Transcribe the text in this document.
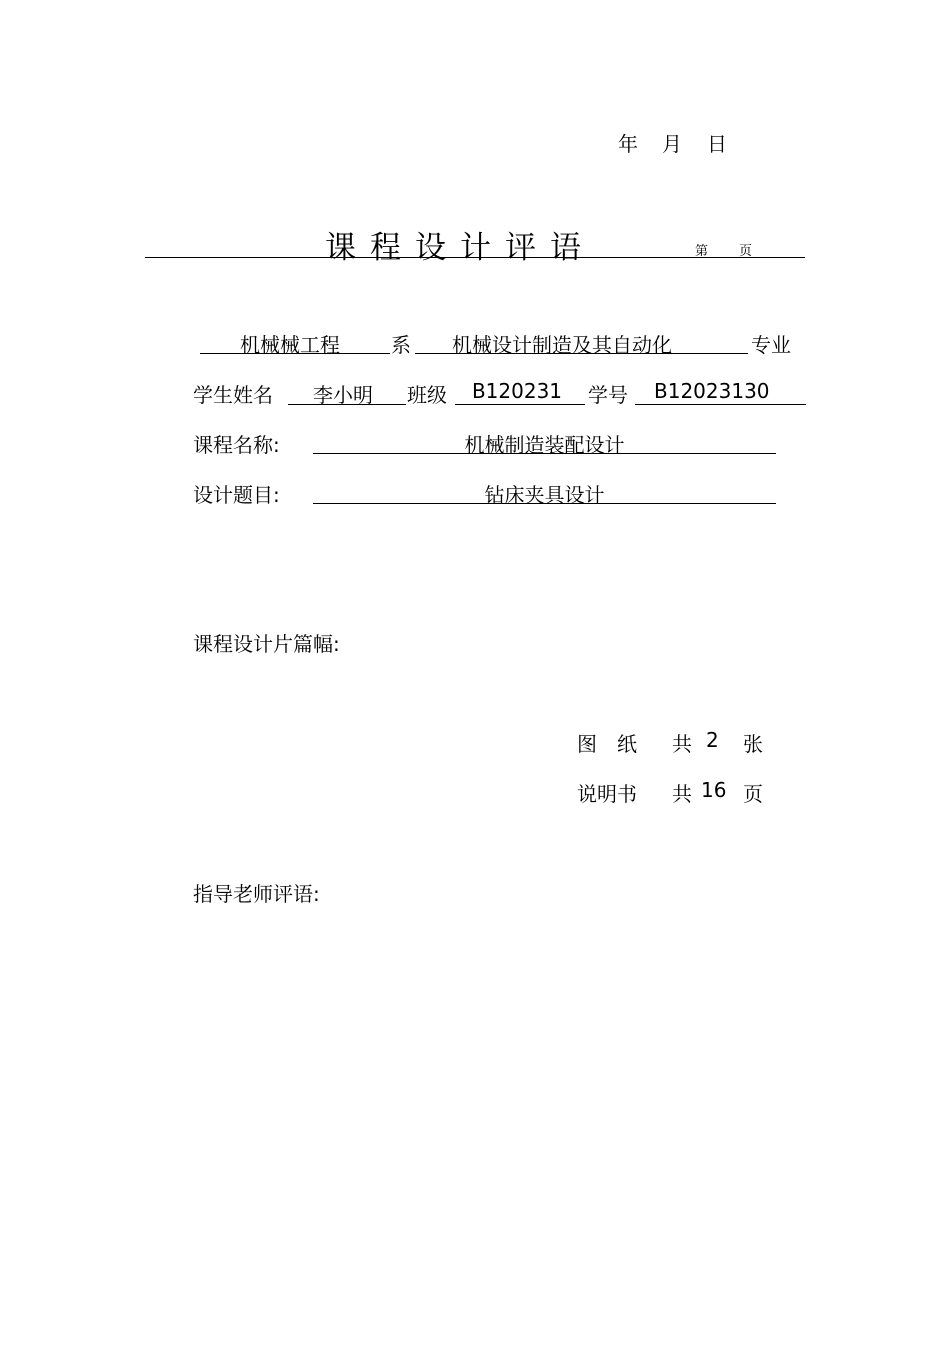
年 月 日
课程设计评语	第 页
机械械工程	系 机械设计制造及其自动化	专业
学生姓名	李小明	班级	B120231	学号 B12023130
课程名称:	机械制造装配设计
设计题目:	钻床夹具设计
课程设计片篇幅:
图　纸 共 2 张
说明书 共 16 页
指导老师评语:
